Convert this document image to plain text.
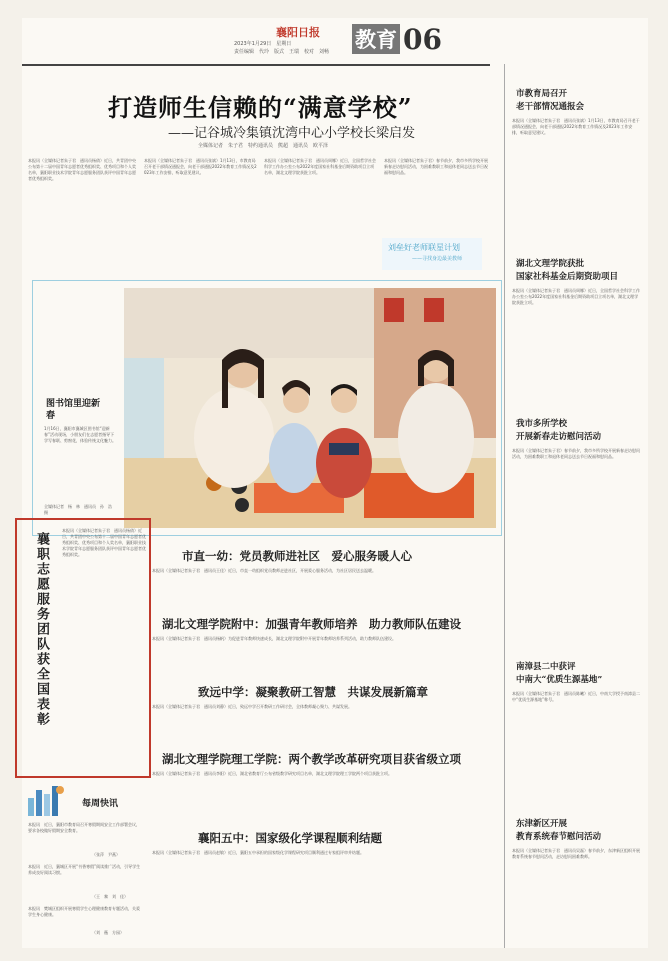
襄阳日报
2023年1月29日　星期日
责任编辑　代玲　版式　王瑞　校对　刘畅	教育 06
打造师生信赖的“满意学校”
——记谷城冷集镇沈湾中心小学校长梁启发
全媒体记者　朱子君　特约通讯员　熊超　通讯员　欧平泽
本报讯（全媒体记者朱子君　通讯员杨倩）近日，共青团中央公布第十二届中国青年志愿者优秀组织奖、优秀项目和个人奖名单，襄阳职业技术学院青年志愿服务团队获评中国青年志愿者优秀组织奖。
本报讯（全媒体记者朱子君　通讯员张斌）1月13日，市教育局召开老干部情况通报会，向老干部通报2022年教育工作情况及2023年工作安排，听取意见建议。
本报讯（全媒体记者朱子君　通讯员周娜）近日，全国哲学社会科学工作办公室公布2022年度国家社科基金后期资助项目立项名单，湖北文理学院获批立项。
本报讯（全媒体记者朱子君）春节前夕，我市多所学校开展新春走访慰问活动，为困难教职工和退休老同志送去节日祝福和慰问品。
刘垒好老师联星计划
——寻找身边最美教师
图书馆里迎新春
1月16日，襄阳市襄城区图书馆“迎新春”活动现场，小朋友们在志愿者指导下学写春联、剪窗花，体验传统文化魅力。
全媒体记者　杨　林　通讯员　孙　浩　摄
襄职志愿服务团队获全国表彰
本报讯（全媒体记者朱子君　通讯员杨倩）近日，共青团中央公布第十二届中国青年志愿者优秀组织奖、优秀项目和个人奖名单，襄阳职业技术学院青年志愿服务团队获评中国青年志愿者优秀组织奖。	市直一幼：党员教师进社区　爱心服务暖人心
本报讯（全媒体记者朱子君　通讯员王佳）近日，市直一幼组织党员教师走进社区，开展爱心服务活动，为社区居民送去温暖。
湖北文理学院附中：加强青年教师培养　助力教师队伍建设
本报讯（全媒体记者朱子君　通讯员杨帆）为促进青年教师快速成长，湖北文理学院附中开展青年教师培养系列活动，助力教师队伍建设。
致远中学：凝聚教研工智慧　共谋发展新篇章
本报讯（全媒体记者朱子君　通讯员刘静）近日，致远中学召开教研工作研讨会，全体教师凝心聚力、共谋发展。
湖北文理学院理工学院：两个教学改革研究项目获省级立项
本报讯（全媒体记者朱子君　通讯员李阳）近日，湖北省教育厅公布省级教学研究项目名单，湖北文理学院理工学院两个项目获批立项。
襄阳五中：国家级化学课程顺利结题
本报讯（全媒体记者朱子君　通讯员赵敏）近日，襄阳五中承担的国家级化学课程研究项目顺利通过专家组评审并结题。
每周快讯
本报讯　近日，襄阳市教育局召开寒假期间安全工作部署会议，要求各校做好假期安全教育。
（张萍　尹燕）
本报讯　近日，襄城区开展“书香寒假”阅读推广活动，引导学生养成良好阅读习惯。
（王　黎　刘　佳）
本报讯　樊城区组织开展寒假学生心理健康教育专题活动，关爱学生身心健康。
（刘　薇　方园）
市教育局召开
老干部情况通报会
本报讯（全媒体记者朱子君　通讯员张斌）1月13日，市教育局召开老干部情况通报会，向老干部通报2022年教育工作情况及2023年工作安排，听取意见建议。
湖北文理学院获批
国家社科基金后期资助项目
本报讯（全媒体记者朱子君　通讯员周娜）近日，全国哲学社会科学工作办公室公布2022年度国家社科基金后期资助项目立项名单，湖北文理学院获批立项。
我市多所学校
开展新春走访慰问活动
本报讯（全媒体记者朱子君）春节前夕，我市多所学校开展新春走访慰问活动，为困难教职工和退休老同志送去节日祝福和慰问品。
南漳县二中获评
中南大“优质生源基地”
本报讯（全媒体记者朱子君　通讯员陈曦）近日，中南大学授予南漳县二中“优质生源基地”称号。
东津新区开展
教育系统春节慰问活动
本报讯（全媒体记者朱子君　通讯员吴磊）春节前夕，东津新区组织开展教育系统春节慰问活动，走访慰问困难教师。
